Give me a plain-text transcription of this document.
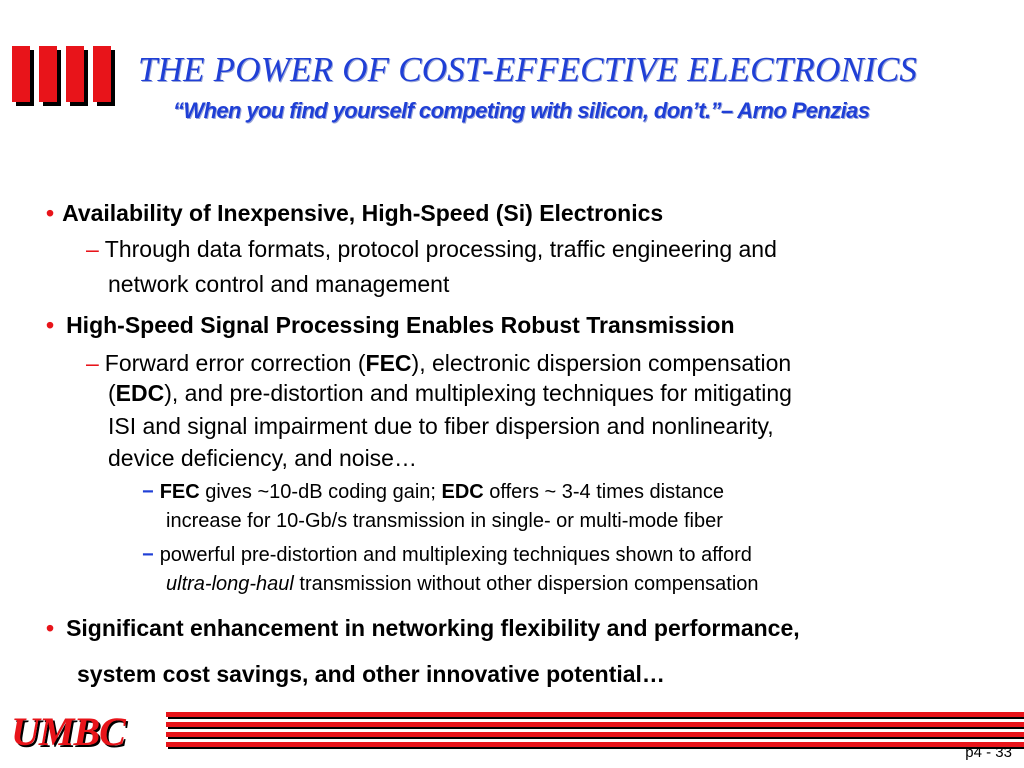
THE POWER OF COST-EFFECTIVE ELECTRONICS
“When you find yourself competing with silicon, don’t.”– Arno Penzias
• Availability of Inexpensive, High-Speed (Si) Electronics
– Through data formats, protocol processing, traffic engineering and
network control and management
• High-Speed Signal Processing Enables Robust Transmission
– Forward error correction (FEC), electronic dispersion compensation
(EDC), and pre-distortion and multiplexing techniques for mitigating
ISI and signal impairment due to fiber dispersion and nonlinearity,
device deficiency, and noise…
− FEC gives ~10-dB coding gain; EDC offers ~ 3-4 times distance
increase for 10-Gb/s transmission in single- or multi-mode fiber
− powerful pre-distortion and multiplexing techniques shown to afford
ultra-long-haul transmission without other dispersion compensation
• Significant enhancement in networking flexibility and performance,
system cost savings, and other innovative potential…
UMBC	p4 - 33
